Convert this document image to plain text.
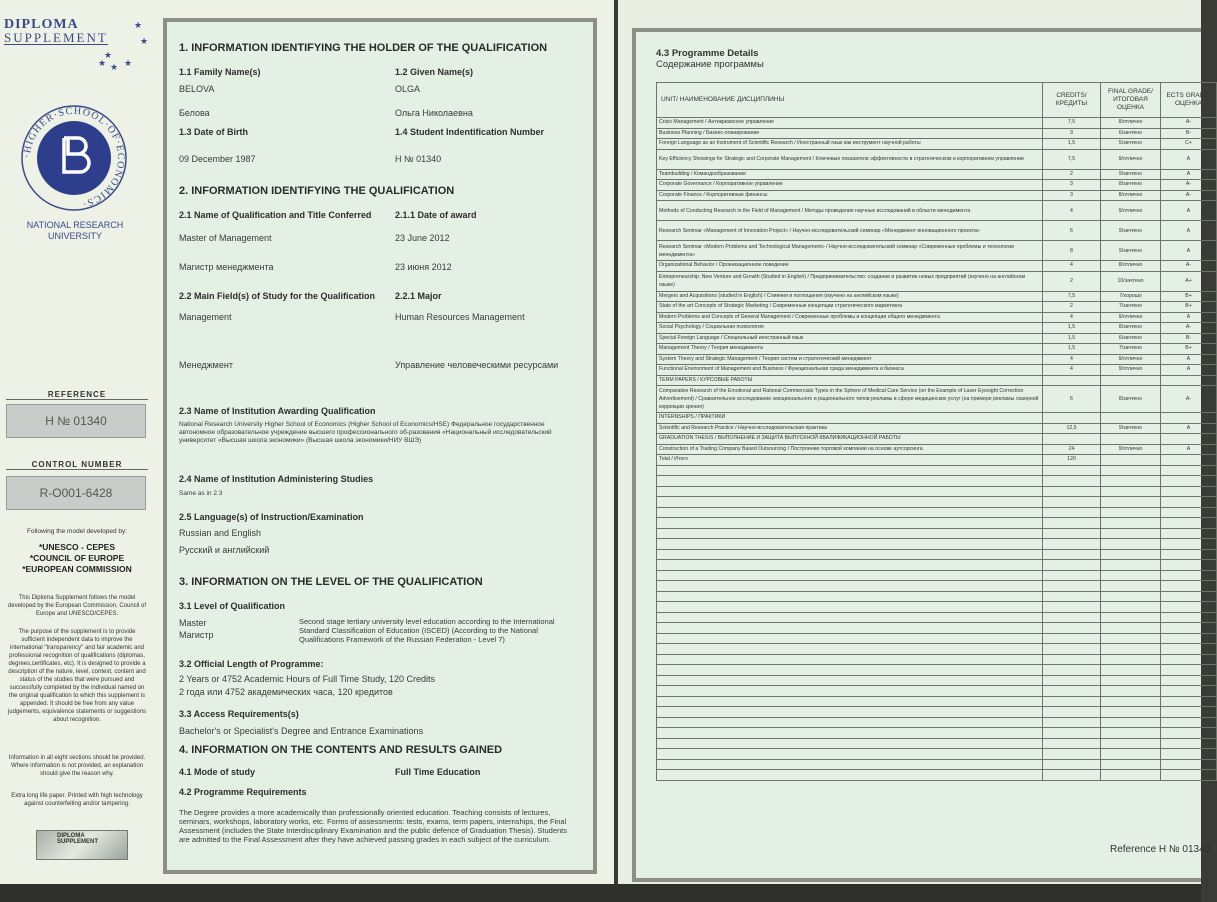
DIPLOMA
SUPPLEMENT
★
★
★ ★ ★
★
·HIGHER·SCHOOL·OF·ECONOMICS·
NATIONAL RESEARCH
UNIVERSITY
REFERENCE
H № 01340
CONTROL NUMBER
R-O001-6428
Following the model developed by:
*UNESCO - CEPES
*COUNCIL OF EUROPE
*EUROPEAN COMMISSION
This Diploma Supplement follows the model developed by the European Commission, Council of Europe and UNESCO/CEPES.
The purpose of the supplement is to provide sufficient independent data to improve the international "transparency" and fair academic and professional recognition of qualifications (diplomas, degrees,certificates, etc). It is designed to provide a description of the nature, level, context, content and status of the studies that were pursued and successfully completed by the individual named on the original qualification to which this supplement is appended. It should be free from any value judgements, equivalence statements or suggestions about recognition.
Information in all eight sections should be provided. Where information is not provided, an explanation should give the reason why.
Extra long life paper. Printed with high technology against counterfeiting and/or tampering.
DIPLOMA SUPPLEMENT
1. INFORMATION IDENTIFYING THE HOLDER OF THE QUALIFICATION
1.1 Family Name(s)
BELOVA
Белова
1.2 Given Name(s)
OLGA
Ольга Николаевна
1.3 Date of Birth
09 December 1987
1.4 Student Indentification Number
H № 01340
2. INFORMATION IDENTIFYING THE QUALIFICATION
2.1 Name of Qualification and Title Conferred
Master of Management
Магистр менеджмента
2.1.1 Date of award
23 June 2012
23 июня 2012
2.2 Main Field(s) of Study for the Qualification
Management
Менеджмент
2.2.1 Major
Human Resources Management
Управление человеческими ресурсами
2.3 Name of Institution Awarding Qualification
National Research University Higher School of Economics (Higher School of Economics/HSE) Федеральное государственное автономное образовательное учреждение высшего профессионального об-разования «Национальный исследовательский университет «Высшая школа экономики» (Высшая школа экономики/НИУ ВШЭ)
2.4 Name of Institution Administering Studies
Same as in 2.3
2.5 Language(s) of Instruction/Examination
Russian and English
Русский и английский
3. INFORMATION ON THE LEVEL OF THE QUALIFICATION
3.1 Level of Qualification
Master
Магистр
Second stage tertiary university level education according to the International Standard Classification of Education (ISCED) (According to the National Qualifications Framework of the Russian Federation - Level 7)
3.2 Official Length of Programme:
2 Years or 4752 Academic Hours of Full Time Study, 120 Credits
2 года или 4752 академических часа, 120 кредитов
3.3 Access Requirements(s)
Bachelor's or Specialist's Degree and Entrance Examinations
4. INFORMATION ON THE CONTENTS AND RESULTS GAINED
4.1 Mode of study	Full Time Education
4.2 Programme Requirements
The Degree provides a more academically than professionally oriented education. Teaching consists of lectures, seminars, workshops, laboratory works, etc. Forms of assessments: tests, exams, term papers, internships, the Final Assessment (includes the State Interdisciplinary Examination and the public defence of Graduation Thesis). Students are admitted to the Final Assessment after they have achieved passing grades in each subject of the curriculum.
4.3 Programme Details
Содержание программы
UNIT/ НАИМЕНОВАНИЕ ДИСЦИПЛИНЫ	CREDITS/ КРЕДИТЫ	FINAL GRADE/ ИТОГОВАЯ ОЦЕНКА	ECTS GRADE/ ОЦЕНКА
Crisis Management / Антикризисное управление	7,5	8/отлично	A-
Business Planning / Бизнес-планирование	3	6/зачтено	B-
Foreign Language as an Instrument of Scientific Research / Иностранный язык как инструмент научной работы	1,5	5/зачтено	C+
Key Efficiency Showings for Strategic and Corporate Management / Ключевые показатели эффективности в стратегическом и корпоративном управлении	7,5	9/отлично	A
Teambuilding / Командообразование	2	9/зачтено	A
Corporate Governance / Корпоративное управление	3	8/зачтено	A-
Corporate Finance / Корпоративные финансы	3	8/отлично	A-
Methods of Conducting Research in the Field of Management / Методы проведения научных исследований в области менеджмента	4	9/отлично	A
Research Seminar «Management of Innovation Project» / Научно-исследовательский семинар «Менеджмент инновационного проекта»	6	9/зачтено	A
Research Seminar «Modern Problems and Technological Management» / Научно-исследовательский семинар «Современные проблемы и технологии менеджмента»	8	9/зачтено	A
Organizational Behavior / Организационное поведение	4	8/отлично	A-
Entrepreneurship: New Venture and Growth (Studied in English) / Предпринимательство: создание и развитие новых предприятий (изучено на английском языке)	2	10/зачтено	A+
Mergers and Acquisitions (studied in English) / Слияния и поглощения (изучено на английском языке)	7,5	7/хорошо	B+
State of the art Concepts of Strategic Marketing / Современные концепции стратегического маркетинга	2	7/зачтено	B+
Modern Problems and Concepts of General Management / Современные проблемы и концепции общего менеджмента	4	9/отлично	A
Social Psychology / Социальная психология	1,5	8/зачтено	A-
Special Foreign Language / Специальный иностранный язык	1,5	6/зачтено	B-
Management Theory / Теория менеджмента	1,5	7/зачтено	B+
System Theory and Strategic Management / Теория систем и стратегический менеджмент	4	9/отлично	A
Functional Environment of Management and Business / Функциональная среда менеджмента и бизнеса	4	9/отлично	A
TERM PAPERS / КУРСОВЫЕ РАБОТЫ			
Comparative Research of the Emotional and Rational Commercials Types in the Sphere of Medical Care Service (on the Example of Laser Eyesight Correction Advertisement) / Сравнительное исследование эмоционального и рационального типов рекламы в сфере медицинских услуг (на примере рекламы лазерной коррекции зрения)	6	8/зачтено	A-
INTERNSHIPS / ПРАКТИКИ			
Scientific and Research Practice / Научно-исследовательская практика	12,5	9/зачтено	A
GRADUATION THESIS / ВЫПОЛНЕНИЕ И ЗАЩИТА ВЫПУСКНОЙ КВАЛИФИКАЦИОННОЙ РАБОТЫ			
Construction of a Trading Company Based Outsourcing / Построение торговой компании на основе аутсорсинга	24	9/отлично	A
Total / Итого	120		

Reference H № 01340
